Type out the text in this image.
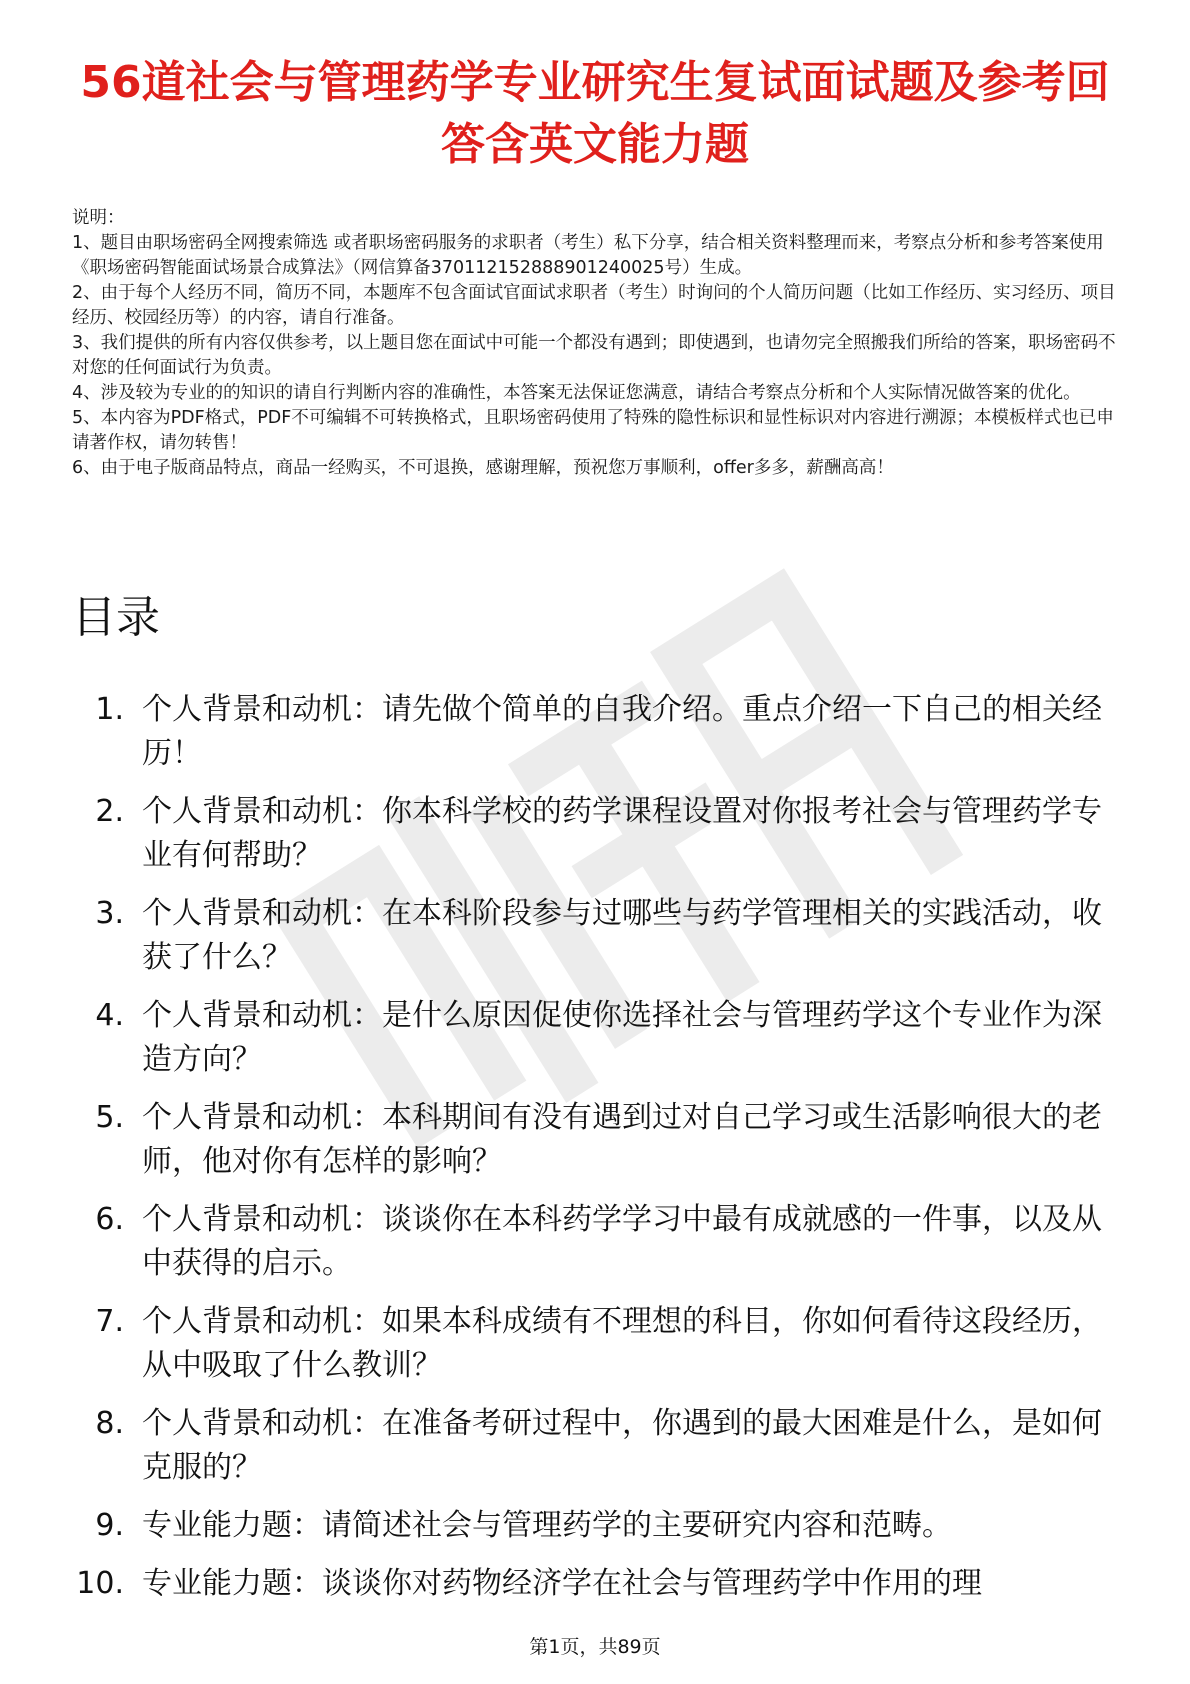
56道社会与管理药学专业研究生复试面试题及参考回答含英文能力题

说明：

1、题目由职场密码全网搜索筛选 或者职场密码服务的求职者（考生）私下分享，结合相关资料整理而来，考察点分析和参考答案使用《职场密码智能面试场景合成算法》（网信算备370112152888901240025号）生成。

2、由于每个人经历不同，简历不同，本题库不包含面试官面试求职者（考生）时询问的个人简历问题（比如工作经历、实习经历、项目经历、校园经历等）的内容，请自行准备。

3、我们提供的所有内容仅供参考，以上题目您在面试中可能一个都没有遇到；即使遇到，也请勿完全照搬我们所给的答案，职场密码不对您的任何面试行为负责。

4、涉及较为专业的的知识的请自行判断内容的准确性，本答案无法保证您满意，请结合考察点分析和个人实际情况做答案的优化。

5、本内容为PDF格式，PDF不可编辑不可转换格式，且职场密码使用了特殊的隐性标识和显性标识对内容进行溯源；本模板样式也已申请著作权，请勿转售！

6、由于电子版商品特点，商品一经购买，不可退换，感谢理解，预祝您万事顺利，offer多多，薪酬高高！

目录
1. 个人背景和动机：请先做个简单的自我介绍。重点介绍一下自己的相关经历！
2. 个人背景和动机：你本科学校的药学课程设置对你报考社会与管理药学专业有何帮助？
3. 个人背景和动机：在本科阶段参与过哪些与药学管理相关的实践活动，收获了什么？
4. 个人背景和动机：是什么原因促使你选择社会与管理药学这个专业作为深造方向？
5. 个人背景和动机：本科期间有没有遇到过对自己学习或生活影响很大的老师，他对你有怎样的影响？
6. 个人背景和动机：谈谈你在本科药学学习中最有成就感的一件事，以及从中获得的启示。
7. 个人背景和动机：如果本科成绩有不理想的科目，你如何看待这段经历，从中吸取了什么教训？
8. 个人背景和动机：在准备考研过程中，你遇到的最大困难是什么，是如何克服的？
9. 专业能力题：请简述社会与管理药学的主要研究内容和范畴。
10. 专业能力题：谈谈你对药物经济学在社会与管理药学中作用的理
第1页，共89页
